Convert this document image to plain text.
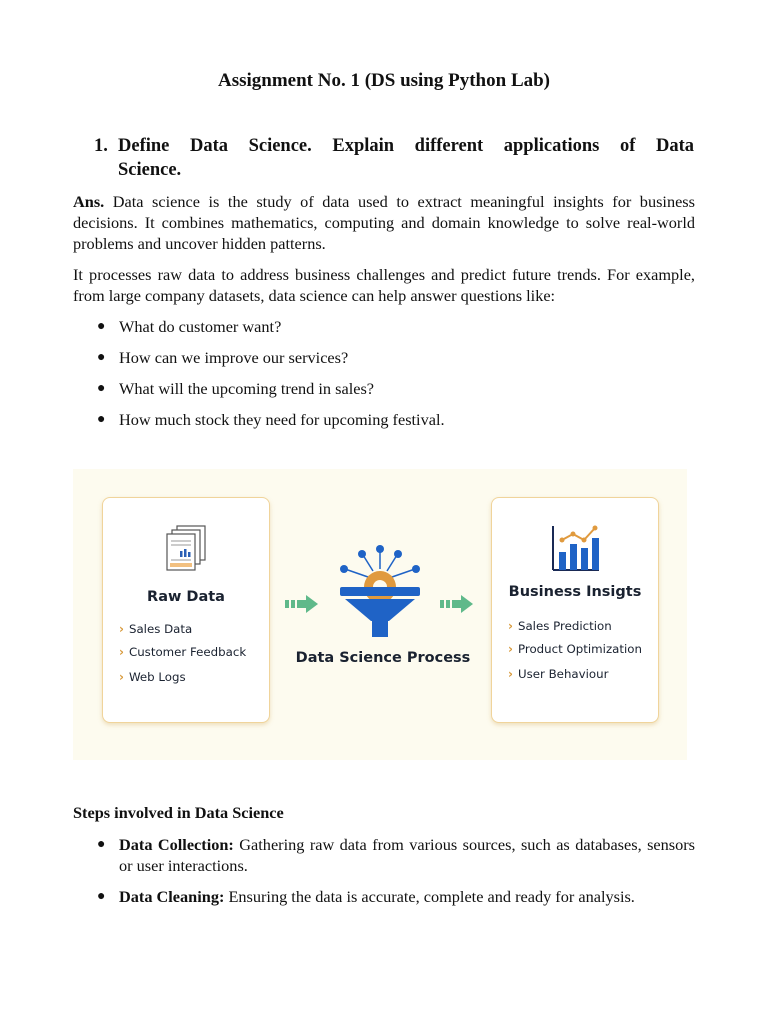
Assignment No. 1 (DS using Python Lab)
1. Define Data Science. Explain different applications of Data
Science.
Ans. Data science is the study of data used to extract meaningful insights for business decisions. It combines mathematics, computing and domain knowledge to solve real-world problems and uncover hidden patterns.
It processes raw data to address business challenges and predict future trends. For example, from large company datasets, data science can help answer questions like:
● What do customer want?
● How can we improve our services?
● What will the upcoming trend in sales?
● How much stock they need for upcoming festival.
Raw Data
› Sales Data
› Customer Feedback
› Web Logs
Data Science Process
Business Insigts
› Sales Prediction
› Product Optimization
› User Behaviour
Steps involved in Data Science
● Data Collection: Gathering raw data from various sources, such as databases, sensors or user interactions.
● Data Cleaning: Ensuring the data is accurate, complete and ready for analysis.
